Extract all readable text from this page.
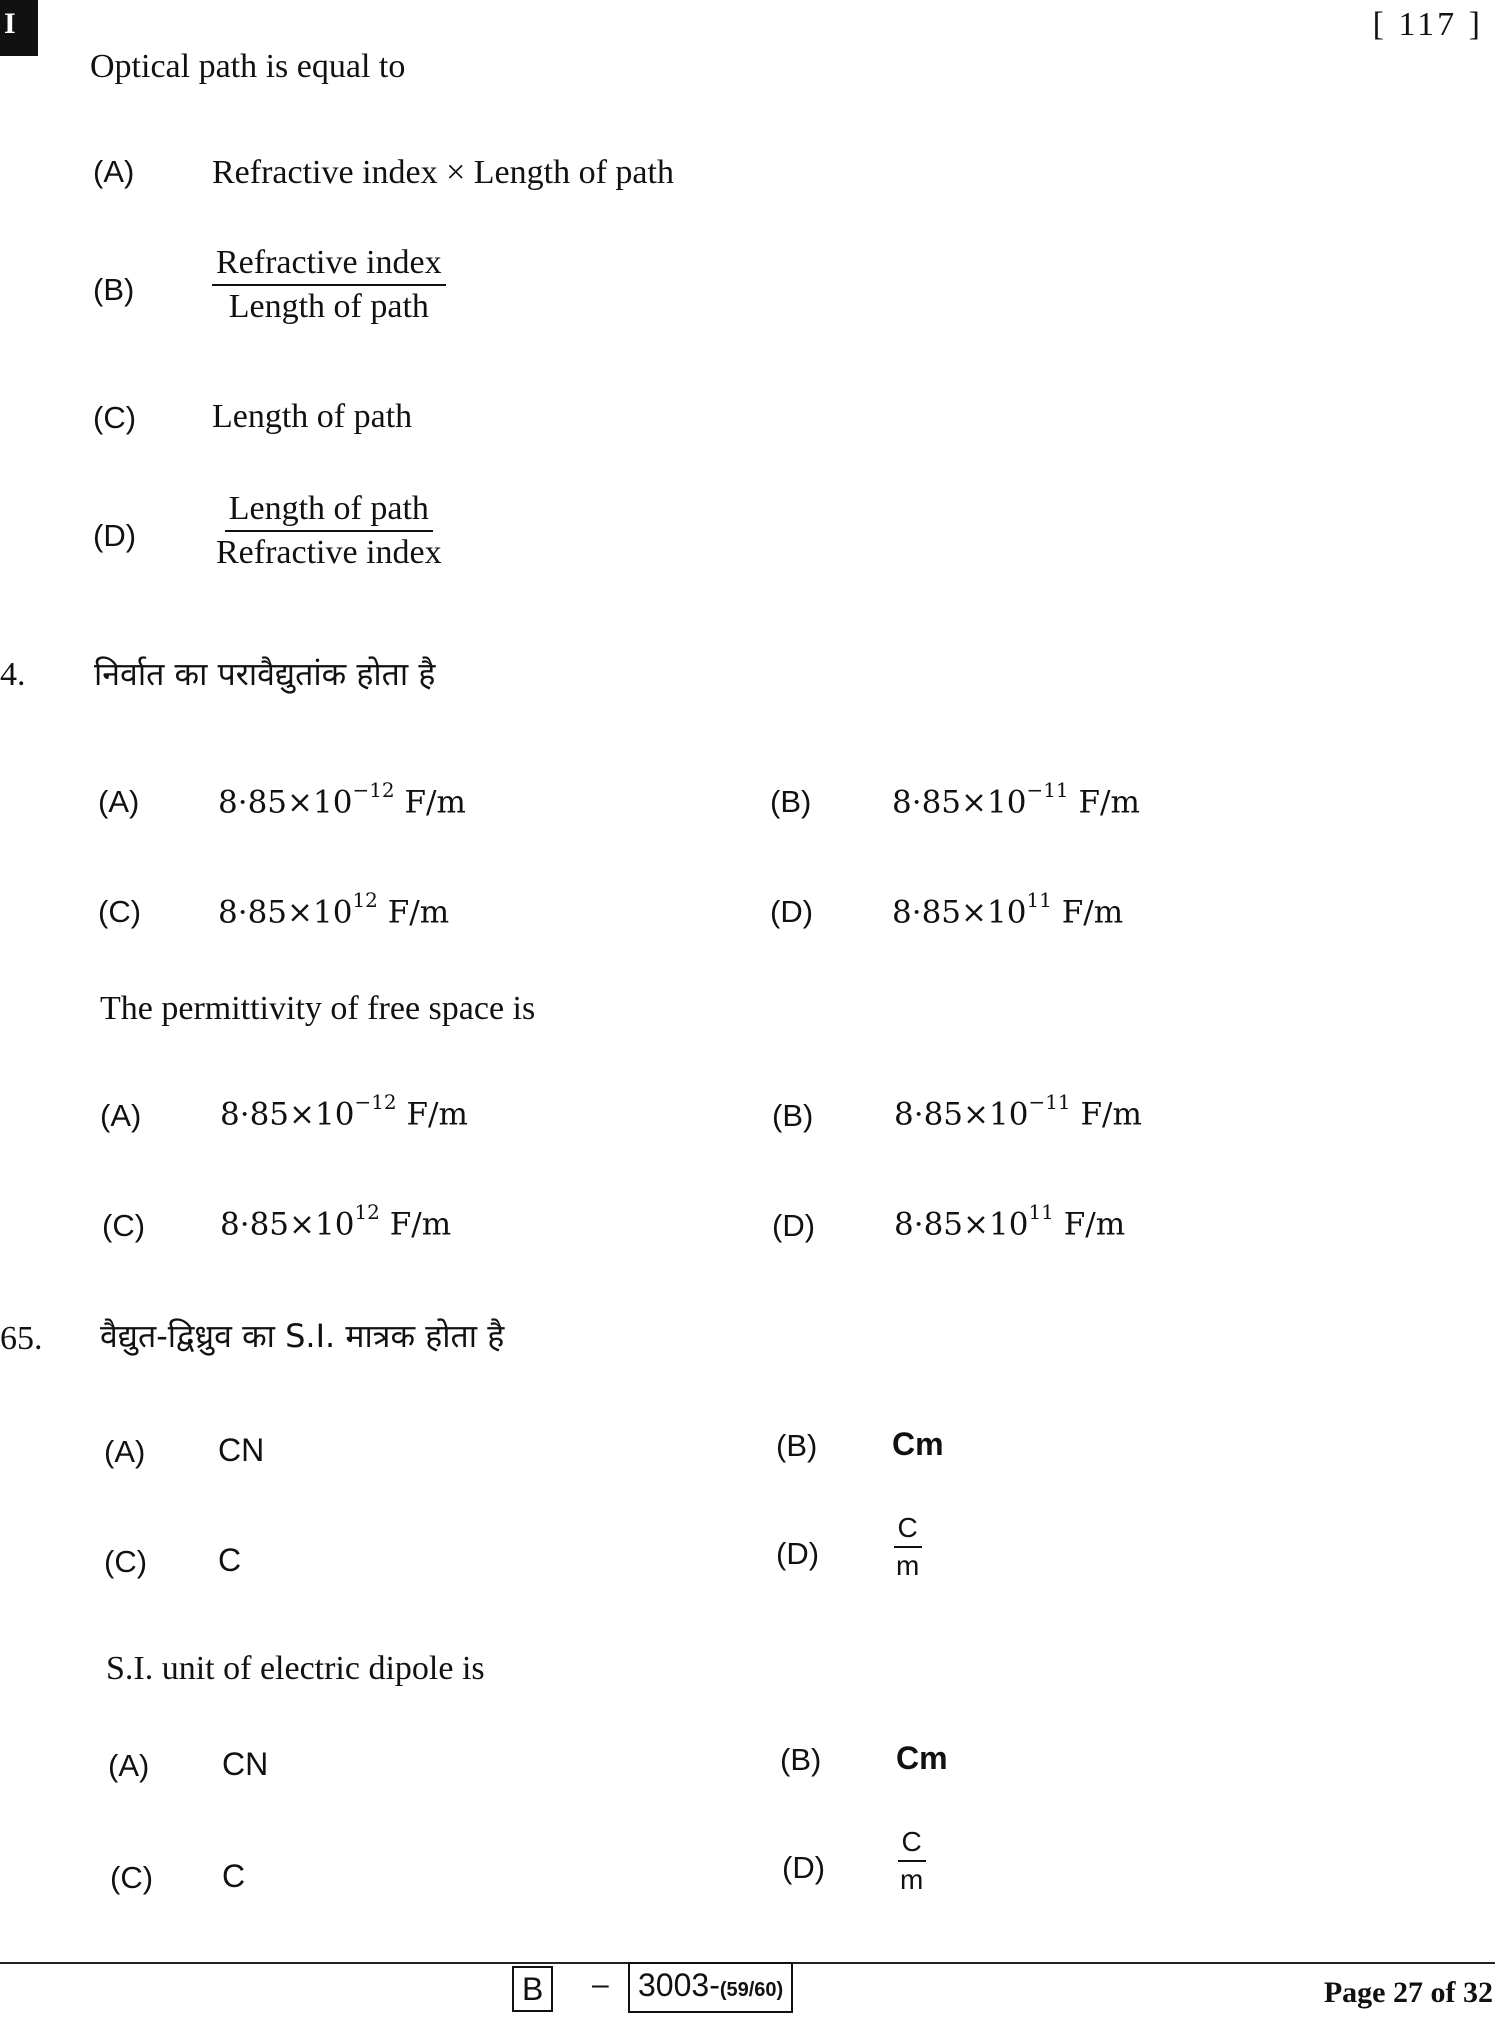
I	[ 117 ]
Optical path is equal to
(A) Refractive index × Length of path
(B)
Refractive index
Length of path
(C) Length of path
(D)
Length of path
Refractive index
4. निर्वात का परावैद्युतांक होता है
(A)	$8\cdot 85\times 10^{-12}$ F/m	(B)	$8\cdot 85\times 10^{-11}$ F/m
(C) $8\cdot 85\times 10^{12}$ F/m	(D)	$8\cdot 85\times 10^{11}$ F/m
The permittivity of free space is
(A)	$8\cdot 85\times 10^{-12}$ F/m	(B)	$8\cdot 85\times 10^{-11}$ F/m
(C) $8\cdot 85\times 10^{12}$ F/m	(D)	$8\cdot 85\times 10^{11}$ F/m
65. वैद्युत-द्विध्रुव का S.I. मात्रक होता है
(A) CN	(B) Cm
(C) C	(D)	$\frac{C}{m}$
S.I. unit of electric dipole is
(A) CN	(B) Cm
(C) C	(D)	$\frac{C}{m}$
B	– 3003-(59/60)	Page 27 of 32
